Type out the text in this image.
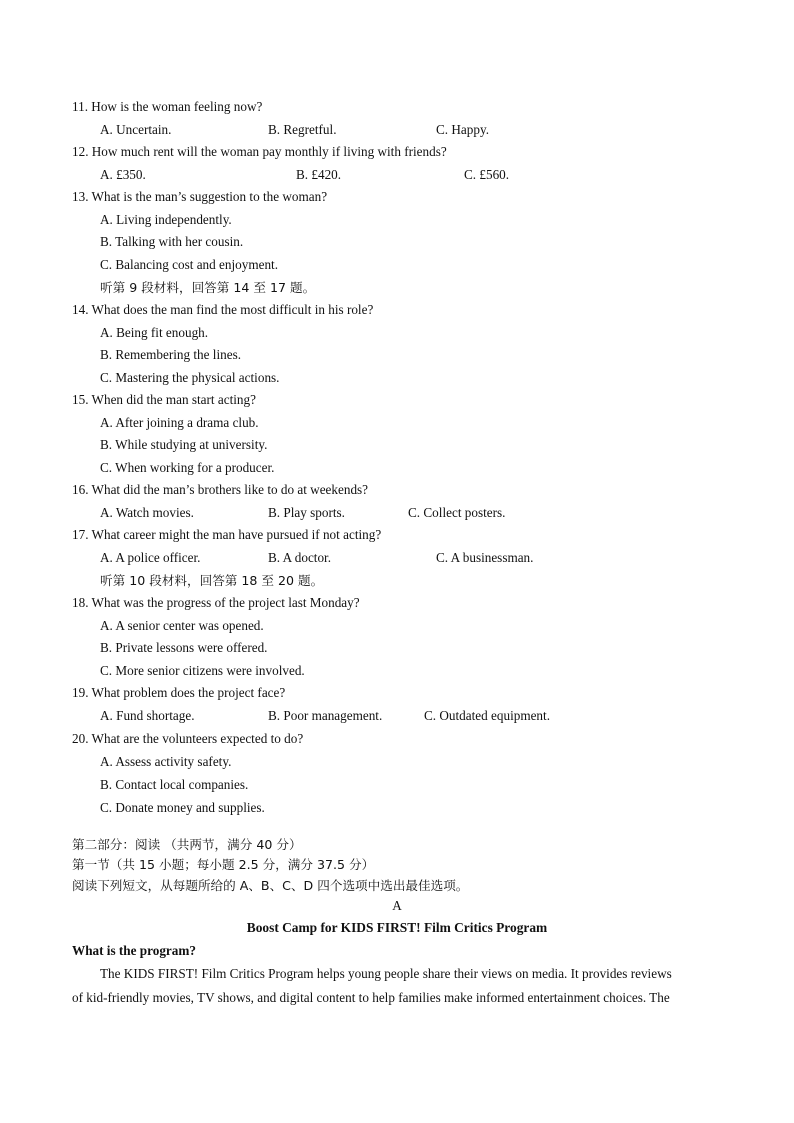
11. How is the woman feeling now?
A. Uncertain.	B. Regretful.	C. Happy.
12. How much rent will the woman pay monthly if living with friends?
A. £350.	B. £420.	C. £560.
13. What is the man’s suggestion to the woman?
A. Living independently.
B. Talking with her cousin.
C. Balancing cost and enjoyment.
听第 9 段材料，回答第 14 至 17 题。
14. What does the man find the most difficult in his role?
A. Being fit enough.
B. Remembering the lines.
C. Mastering the physical actions.
15. When did the man start acting?
A. After joining a drama club.
B. While studying at university.
C. When working for a producer.
16. What did the man’s brothers like to do at weekends?
A. Watch movies.	B. Play sports.	C. Collect posters.
17. What career might the man have pursued if not acting?
A. A police officer.	B. A doctor.	C. A businessman.
听第 10 段材料，回答第 18 至 20 题。
18. What was the progress of the project last Monday?
A. A senior center was opened.
B. Private lessons were offered.
C. More senior citizens were involved.
19. What problem does the project face?
A. Fund shortage.	B. Poor management.	C. Outdated equipment.
20. What are the volunteers expected to do?
A. Assess activity safety.
B. Contact local companies.
C. Donate money and supplies.
第二部分：阅读 （共两节，满分 40 分）
第一节（共 15 小题；每小题 2.5 分，满分 37.5 分）
阅读下列短文，从每题所给的 A、B、C、D 四个选项中选出最佳选项。
A
Boost Camp for KIDS FIRST! Film Critics Program
What is the program?
The KIDS FIRST! Film Critics Program helps young people share their views on media. It provides reviews
of kid-friendly movies, TV shows, and digital content to help families make informed entertainment choices. The
